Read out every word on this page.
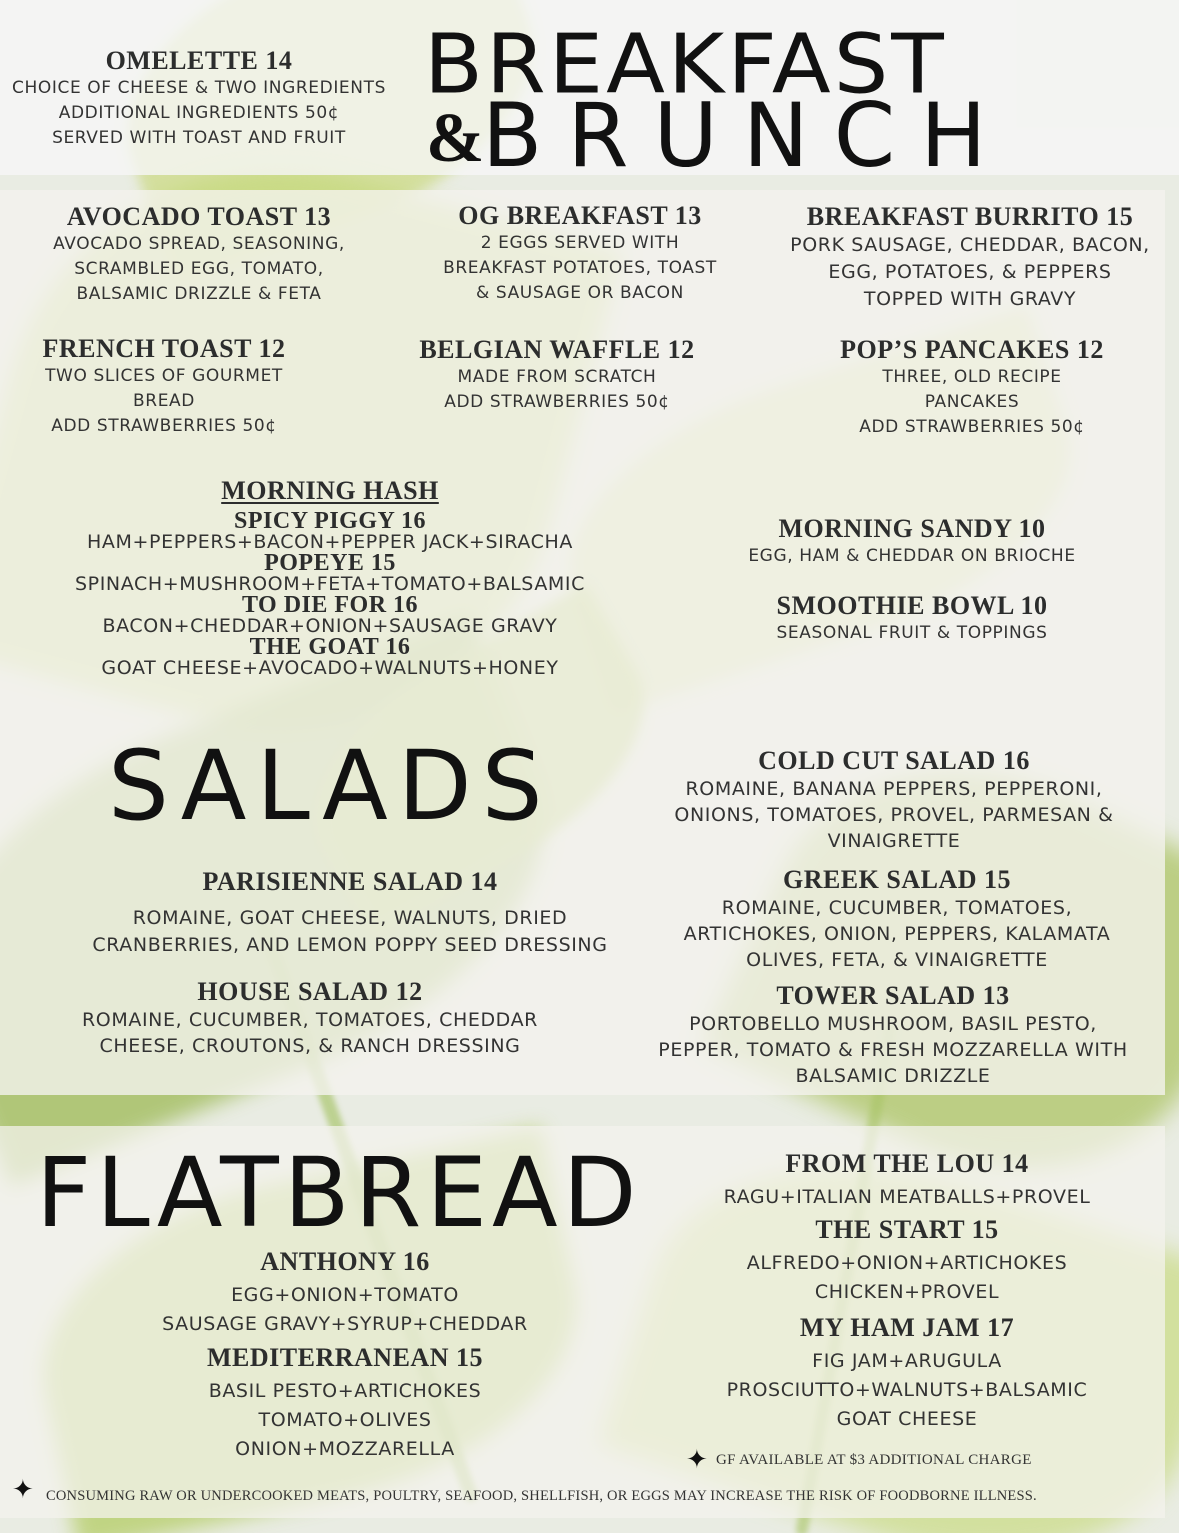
BREAKFAST
&
BRUNCH
OMELETTE 14
CHOICE OF CHEESE & TWO INGREDIENTS
ADDITIONAL INGREDIENTS 50¢
SERVED WITH TOAST AND FRUIT
AVOCADO TOAST 13
AVOCADO SPREAD, SEASONING,
SCRAMBLED EGG, TOMATO,
BALSAMIC DRIZZLE & FETA
OG BREAKFAST 13
2 EGGS SERVED WITH
BREAKFAST POTATOES, TOAST
& SAUSAGE OR BACON
BREAKFAST BURRITO 15
PORK SAUSAGE, CHEDDAR, BACON,
EGG, POTATOES, & PEPPERS
TOPPED WITH GRAVY
FRENCH TOAST 12
TWO SLICES OF GOURMET
BREAD
ADD STRAWBERRIES 50¢
BELGIAN WAFFLE 12
MADE FROM SCRATCH
ADD STRAWBERRIES 50¢
POP’S PANCAKES 12
THREE, OLD RECIPE
PANCAKES
ADD STRAWBERRIES 50¢
MORNING HASH
SPICY PIGGY 16
HAM+PEPPERS+BACON+PEPPER JACK+SIRACHA
POPEYE 15
SPINACH+MUSHROOM+FETA+TOMATO+BALSAMIC
TO DIE FOR 16
BACON+CHEDDAR+ONION+SAUSAGE GRAVY
THE GOAT 16
GOAT CHEESE+AVOCADO+WALNUTS+HONEY
MORNING SANDY 10
EGG, HAM & CHEDDAR ON BRIOCHE
SMOOTHIE BOWL 10
SEASONAL FRUIT & TOPPINGS
SALADS	COLD CUT SALAD 16
ROMAINE, BANANA PEPPERS, PEPPERONI,
ONIONS, TOMATOES, PROVEL, PARMESAN &
VINAIGRETTE
PARISIENNE SALAD 14
ROMAINE, GOAT CHEESE, WALNUTS, DRIED
CRANBERRIES, AND LEMON POPPY SEED DRESSING
GREEK SALAD 15
ROMAINE, CUCUMBER, TOMATOES,
ARTICHOKES, ONION, PEPPERS, KALAMATA
OLIVES, FETA, & VINAIGRETTE
HOUSE SALAD 12
ROMAINE, CUCUMBER, TOMATOES, CHEDDAR
CHEESE, CROUTONS, & RANCH DRESSING
TOWER SALAD 13
PORTOBELLO MUSHROOM, BASIL PESTO,
PEPPER, TOMATO & FRESH MOZZARELLA WITH
BALSAMIC DRIZZLE
FLATBREAD
ANTHONY 16
EGG+ONION+TOMATO
SAUSAGE GRAVY+SYRUP+CHEDDAR
MEDITERRANEAN 15
BASIL PESTO+ARTICHOKES
TOMATO+OLIVES
ONION+MOZZARELLA
FROM THE LOU 14
RAGU+ITALIAN MEATBALLS+PROVEL
THE START 15
ALFREDO+ONION+ARTICHOKES
CHICKEN+PROVEL
MY HAM JAM 17
FIG JAM+ARUGULA
PROSCIUTTO+WALNUTS+BALSAMIC
GOAT CHEESE
✦ GF AVAILABLE AT $3 ADDITIONAL CHARGE
✦ CONSUMING RAW OR UNDERCOOKED MEATS, POULTRY, SEAFOOD, SHELLFISH, OR EGGS MAY INCREASE THE RISK OF FOODBORNE ILLNESS.
